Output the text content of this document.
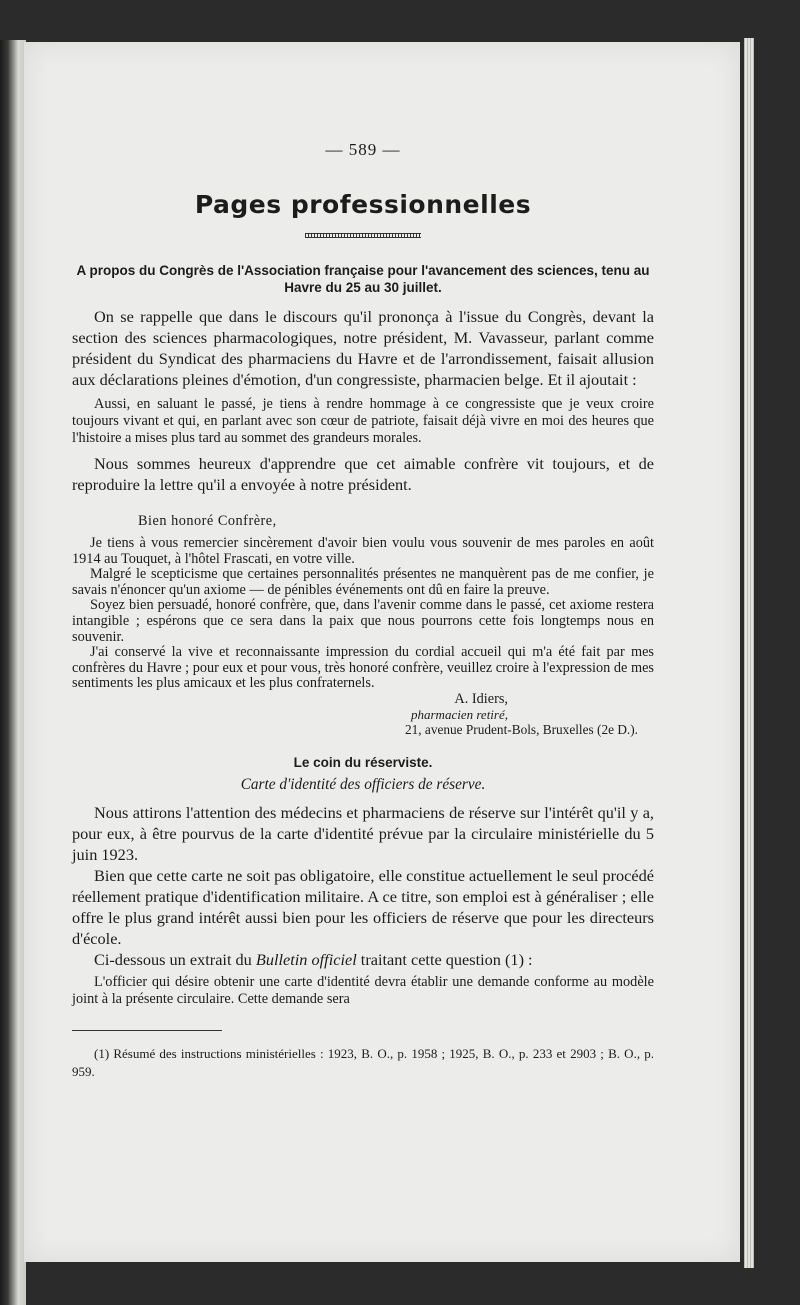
— 589 —
Pages professionnelles
A propos du Congrès de l'Association française pour l'avancement des sciences, tenu au Havre du 25 au 30 juillet.

On se rappelle que dans le discours qu'il prononça à l'issue du Congrès, devant la section des sciences pharmacologiques, notre président, M. Vavasseur, parlant comme président du Syndicat des pharmaciens du Havre et de l'arrondissement, faisait allusion aux déclarations pleines d'émotion, d'un congressiste, pharmacien belge. Et il ajoutait :

Aussi, en saluant le passé, je tiens à rendre hommage à ce congressiste que je veux croire toujours vivant et qui, en parlant avec son cœur de patriote, faisait déjà vivre en moi des heures que l'histoire a mises plus tard au sommet des grandeurs morales.

Nous sommes heureux d'apprendre que cet aimable confrère vit toujours, et de reproduire la lettre qu'il a envoyée à notre président.

Bien honoré Confrère,

Je tiens à vous remercier sincèrement d'avoir bien voulu vous souvenir de mes paroles en août 1914 au Touquet, à l'hôtel Frascati, en votre ville.

Malgré le scepticisme que certaines personnalités présentes ne manquèrent pas de me confier, je savais n'énoncer qu'un axiome — de pénibles événements ont dû en faire la preuve.

Soyez bien persuadé, honoré confrère, que, dans l'avenir comme dans le passé, cet axiome restera intangible ; espérons que ce sera dans la paix que nous pourrons cette fois longtemps nous en souvenir.

J'ai conservé la vive et reconnaissante impression du cordial accueil qui m'a été fait par mes confrères du Havre ; pour eux et pour vous, très honoré confrère, veuillez croire à l'expression de mes sentiments les plus amicaux et les plus confraternels.

A. Idiers,
pharmacien retiré,
21, avenue Prudent-Bols, Bruxelles (2e D.).
Le coin du réserviste.
Carte d'identité des officiers de réserve.

Nous attirons l'attention des médecins et pharmaciens de réserve sur l'intérêt qu'il y a, pour eux, à être pourvus de la carte d'identité prévue par la circulaire ministérielle du 5 juin 1923.

Bien que cette carte ne soit pas obligatoire, elle constitue actuellement le seul procédé réellement pratique d'identification militaire. A ce titre, son emploi est à généraliser ; elle offre le plus grand intérêt aussi bien pour les officiers de réserve que pour les directeurs d'école.

Ci-dessous un extrait du Bulletin officiel traitant cette question (1) :

L'officier qui désire obtenir une carte d'identité devra établir une demande conforme au modèle joint à la présente circulaire. Cette demande sera

(1) Résumé des instructions ministérielles : 1923, B. O., p. 1958 ; 1925, B. O., p. 233 et 2903 ; B. O., p. 959.
